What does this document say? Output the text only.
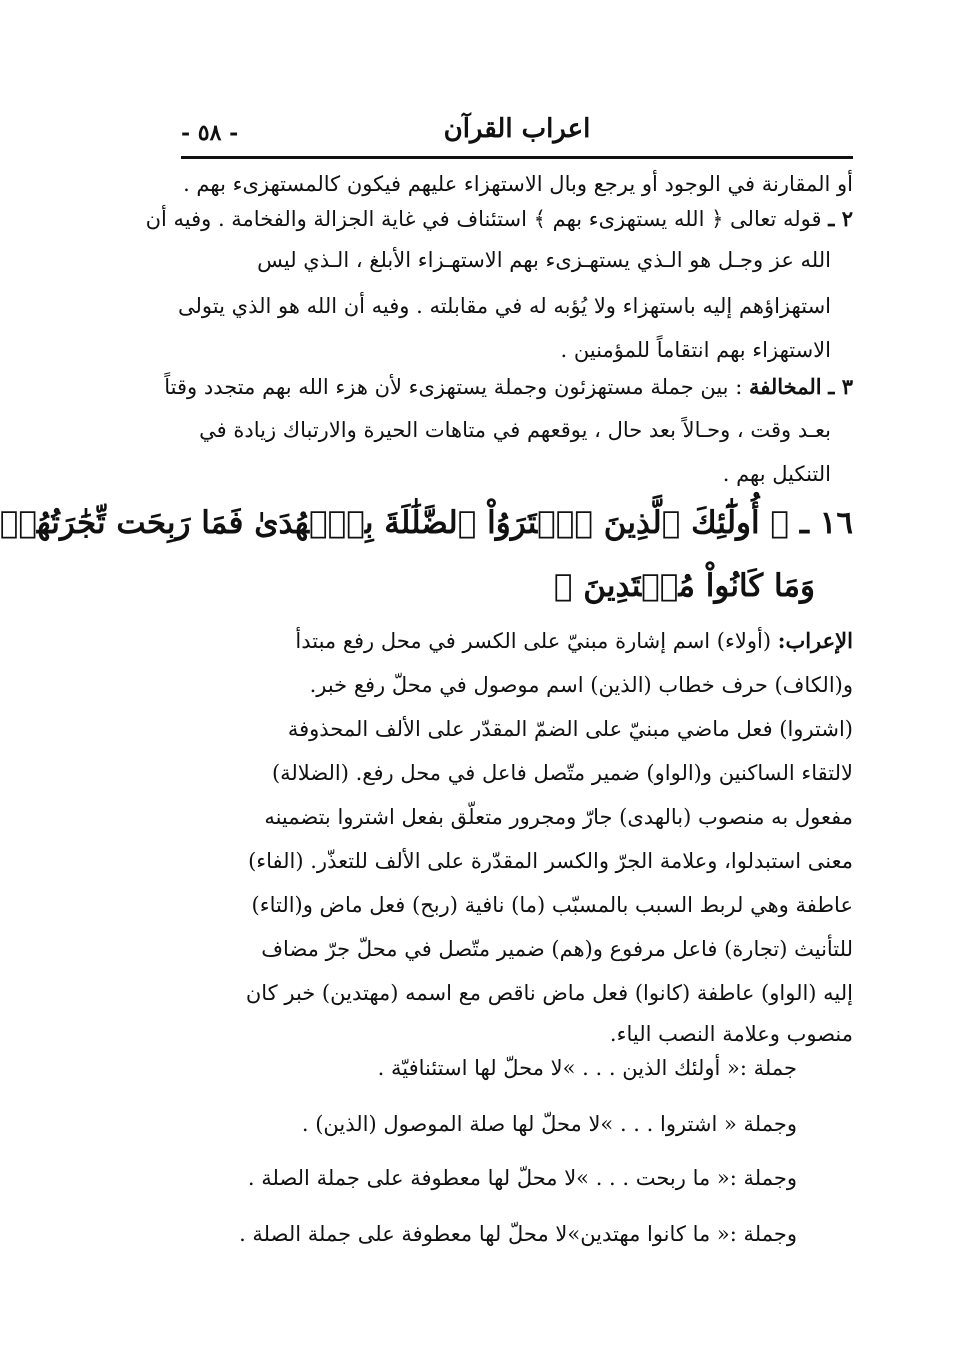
اعراب القرآن
- ٥٨ -
أو المقارنة في الوجود أو يرجع وبال الاستهزاء عليهم فيكون كالمستهزىء بهم .
٢ ـ قوله تعالى ﴿ الله يستهزىء بهم ﴾ استئناف في غاية الجزالة والفخامة . وفيه أن
الله عز وجـل هو الـذي يستهـزىء بهم الاستهـزاء الأبلغ ، الـذي ليس
استهزاؤهم إليه باستهزاء ولا يُؤبه له في مقابلته . وفيه أن الله هو الذي يتولى
الاستهزاء بهم انتقاماً للمؤمنين .
٣ ـ المخالفة : بين جملة مستهزئون وجملة يستهزىء لأن هزء الله بهم متجدد وقتاً
بعـد وقت ، وحـالاً بعد حال ، يوقعهم في متاهات الحيرة والارتباك زيادة في
التنكيل بهم .
١٦ ـ ﴿ أُولَٰٓئِكَ ٱلَّذِينَ ٱشۡتَرَوُاْ ٱلضَّلَٰلَةَ بِٱلۡهُدَىٰ فَمَا رَبِحَت تِّجَٰرَتُهُمۡ
وَمَا كَانُواْ مُهۡتَدِينَ ﴾
الإعراب: (أولاء) اسم إشارة مبنيّ على الكسر في محل رفع مبتدأ
و(الكاف) حرف خطاب (الذين) اسم موصول في محلّ رفع خبر.
(اشتروا) فعل ماضي مبنيّ على الضمّ المقدّر على الألف المحذوفة
لالتقاء الساكنين و(الواو) ضمير متّصل فاعل في محل رفع. (الضلالة)
مفعول به منصوب (بالهدى) جارّ ومجرور متعلّق بفعل اشتروا بتضمينه
معنى استبدلوا، وعلامة الجرّ والكسر المقدّرة على الألف للتعذّر. (الفاء)
عاطفة وهي لربط السبب بالمسبّب (ما) نافية (ربح) فعل ماض و(التاء)
للتأنيث (تجارة) فاعل مرفوع و(هم) ضمير متّصل في محلّ جرّ مضاف
إليه (الواو) عاطفة (كانوا) فعل ماض ناقص مع اسمه (مهتدين) خبر كان
منصوب وعلامة النصب الياء.
جملة :« أولئك الذين . . . »لا محلّ لها استئنافيّة .
وجملة « اشتروا . . . »لا محلّ لها صلة الموصول (الذين) .
وجملة :« ما ربحت . . . »لا محلّ لها معطوفة على جملة الصلة .
وجملة :« ما كانوا مهتدين»لا محلّ لها معطوفة على جملة الصلة .
